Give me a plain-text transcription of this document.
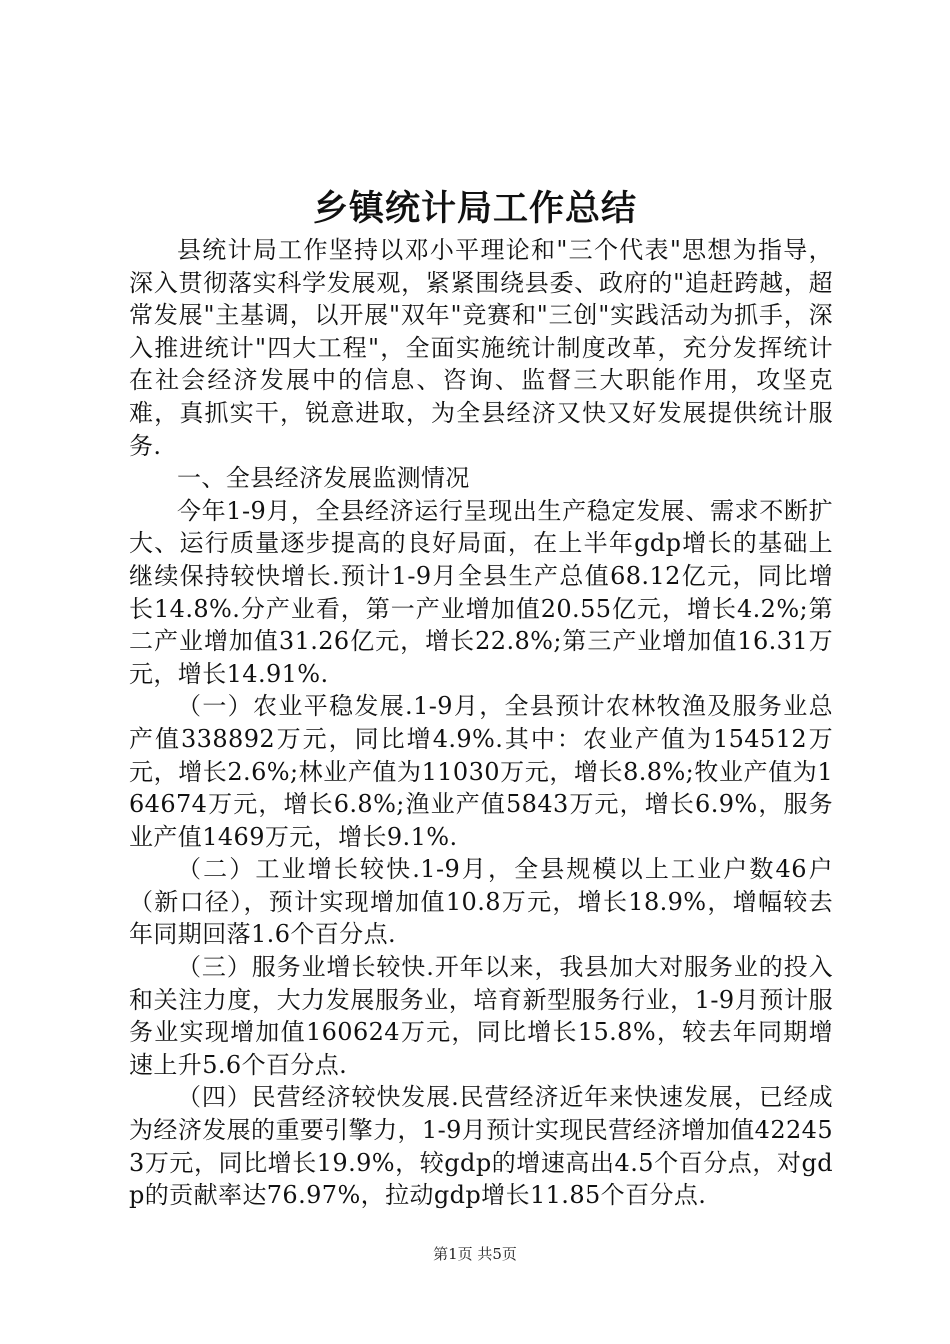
乡镇统计局工作总结

县统计局工作坚持以邓小平理论和"三个代表"思想为指导，深入贯彻落实科学发展观，紧紧围绕县委、政府的"追赶跨越，超常发展"主基调，以开展"双年"竞赛和"三创"实践活动为抓手，深入推进统计"四大工程"，全面实施统计制度改革，充分发挥统计在社会经济发展中的信息、咨询、监督三大职能作用，攻坚克难，真抓实干，锐意进取，为全县经济又快又好发展提供统计服务.

一、全县经济发展监测情况

今年1-9月，全县经济运行呈现出生产稳定发展、需求不断扩大、运行质量逐步提高的良好局面，在上半年gdp增长的基础上继续保持较快增长.预计1-9月全县生产总值68.12亿元，同比增长14.8%.分产业看，第一产业增加值20.55亿元，增长4.2%;第二产业增加值31.26亿元，增长22.8%;第三产业增加值16.31万元，增长14.91%.

（一）农业平稳发展.1-9月，全县预计农林牧渔及服务业总产值338892万元，同比增4.9%.其中：农业产值为154512万元，增长2.6%;林业产值为11030万元，增长8.8%;牧业产值为164674万元，增长6.8%;渔业产值5843万元，增长6.9%，服务业产值1469万元，增长9.1%.

（二）工业增长较快.1-9月，全县规模以上工业户数46户（新口径），预计实现增加值10.8万元，增长18.9%，增幅较去年同期回落1.6个百分点.

（三）服务业增长较快.开年以来，我县加大对服务业的投入和关注力度，大力发展服务业，培育新型服务行业，1-9月预计服务业实现增加值160624万元，同比增长15.8%，较去年同期增速上升5.6个百分点.

（四）民营经济较快发展.民营经济近年来快速发展，已经成为经济发展的重要引擎力，1-9月预计实现民营经济增加值422453万元，同比增长19.9%，较gdp的增速高出4.5个百分点，对gdp的贡献率达76.97%，拉动gdp增长11.85个百分点.

第1页 共5页
